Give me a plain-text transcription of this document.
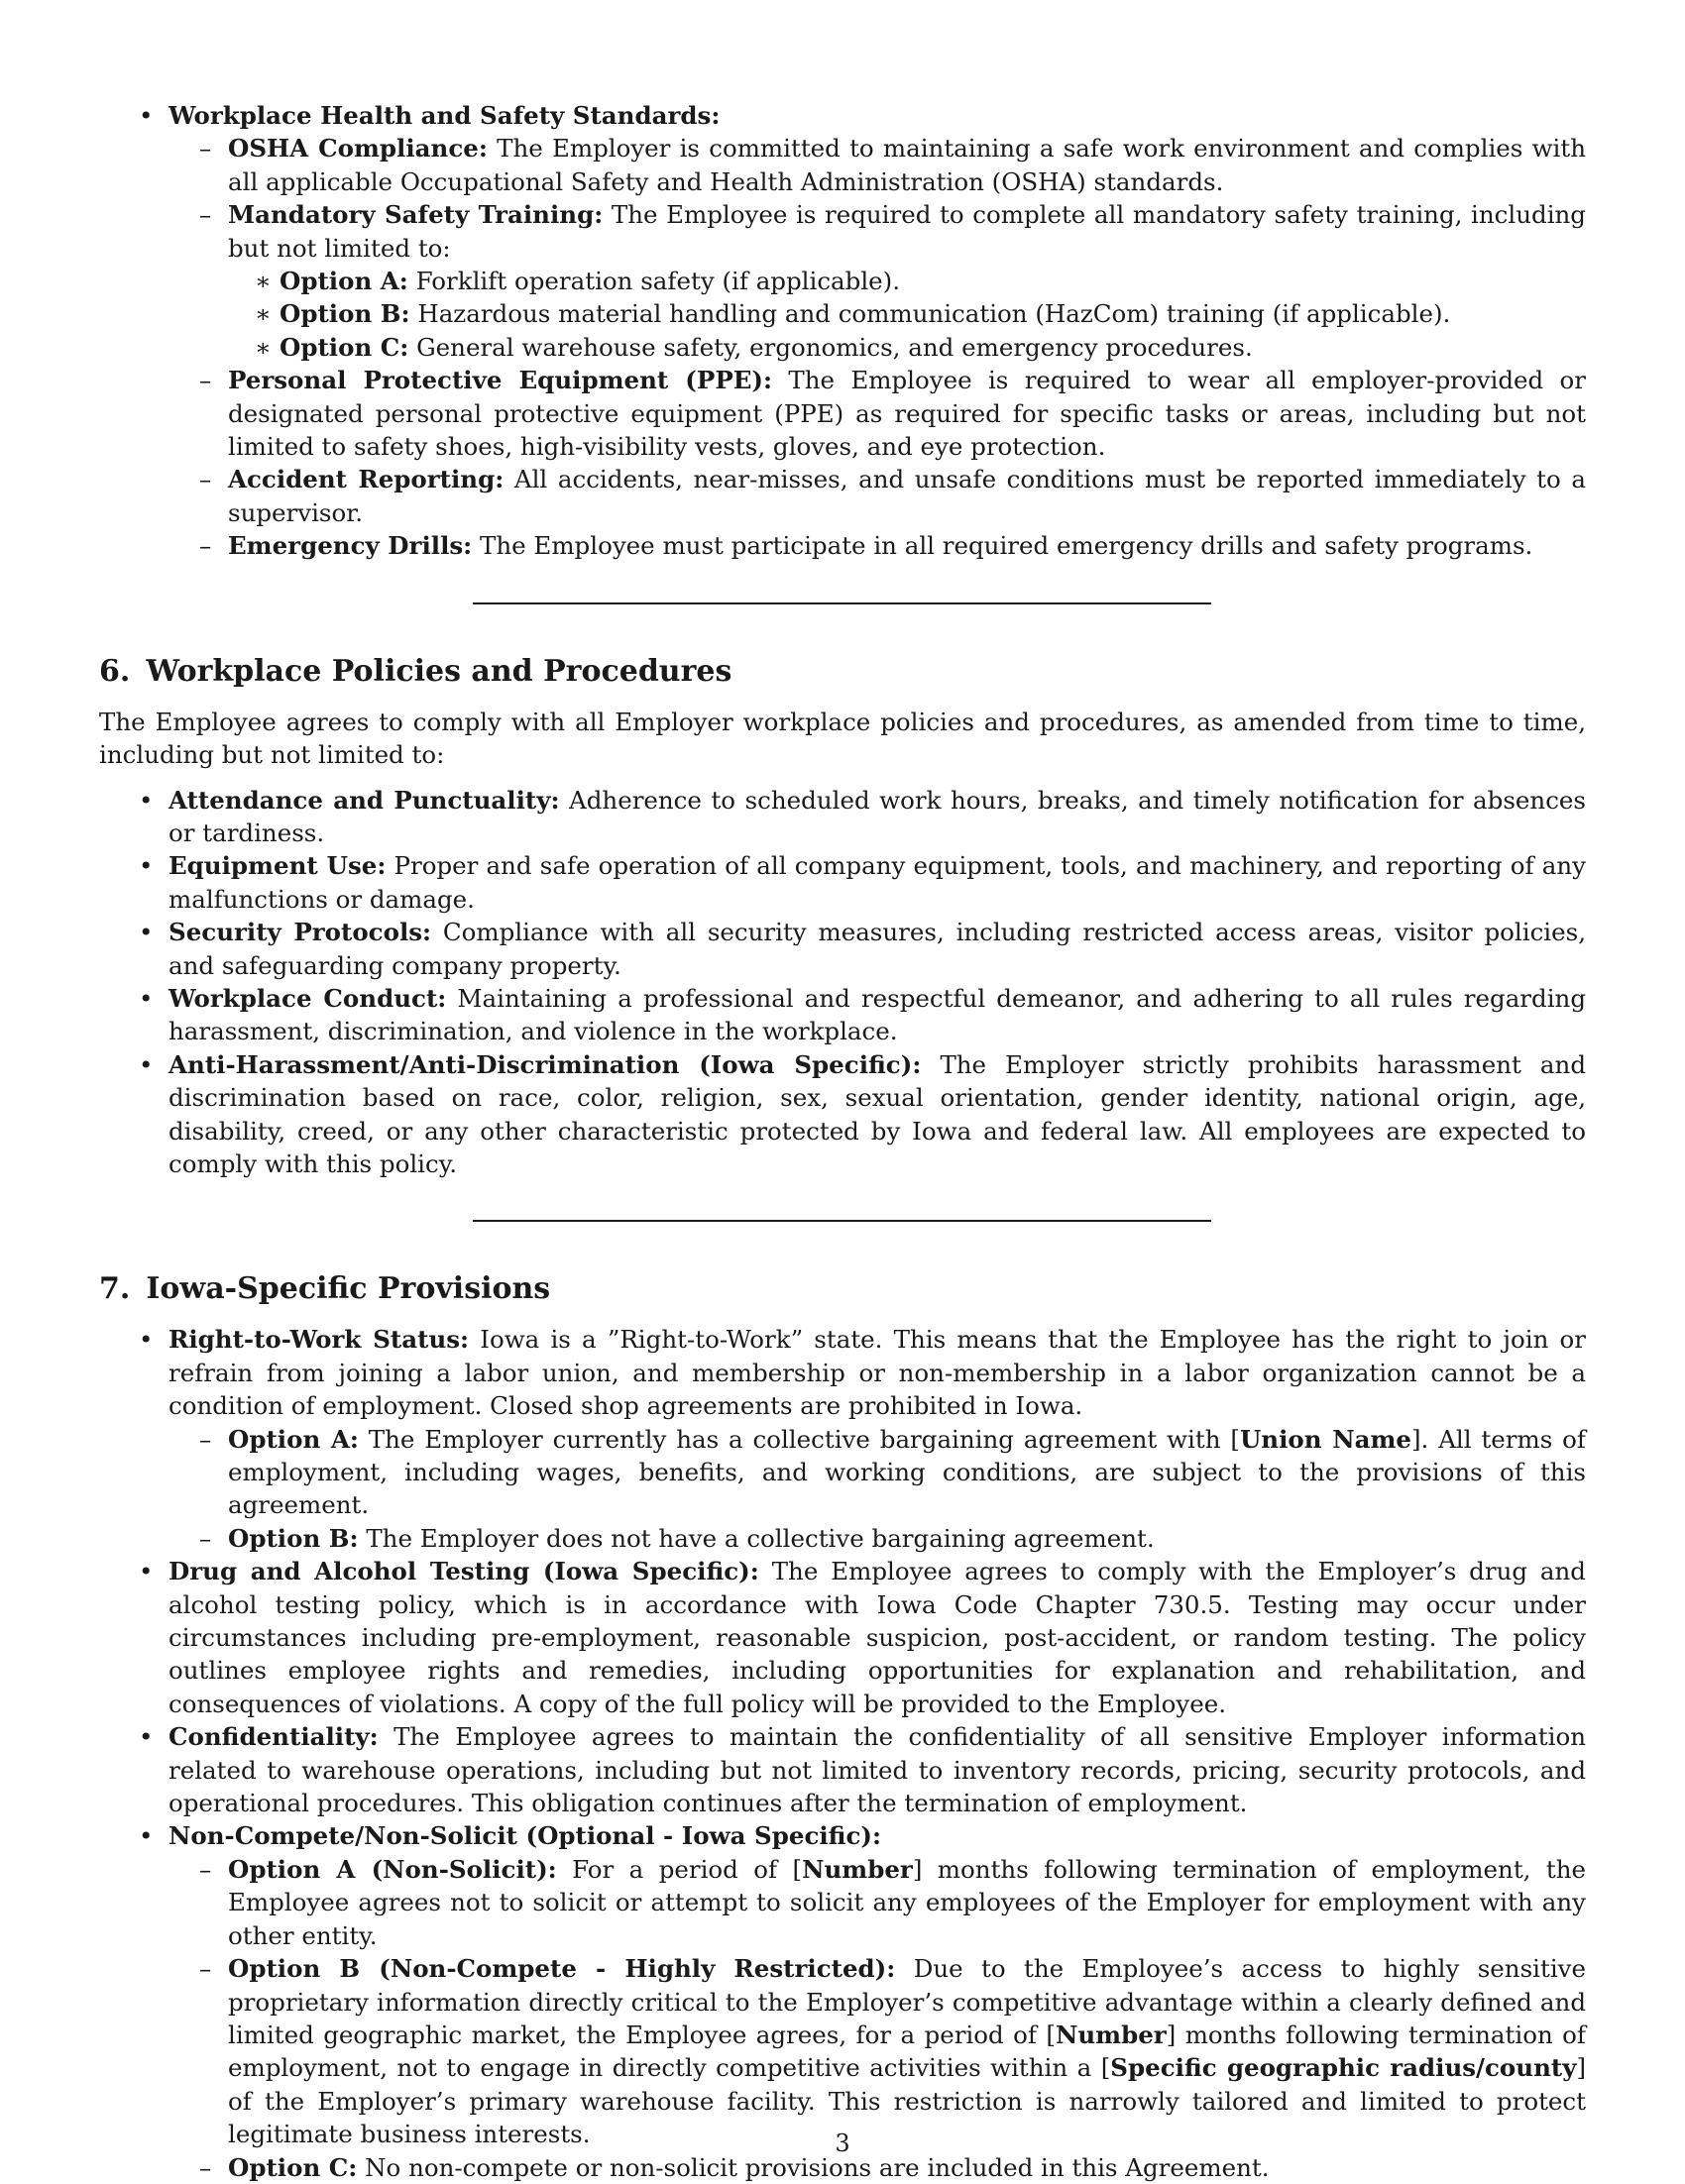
• Workplace Health and Safety Standards:
– OSHA Compliance: The Employer is committed to maintaining a safe work environment and complies with all applicable Occupational Safety and Health Administration (OSHA) standards.
– Mandatory Safety Training: The Employee is required to complete all mandatory safety training, including but not limited to:
∗ Option A: Forklift operation safety (if applicable).
∗ Option B: Hazardous material handling and communication (HazCom) training (if applicable).
∗ Option C: General warehouse safety, ergonomics, and emergency procedures.
– Personal Protective Equipment (PPE): The Employee is required to wear all employer-provided or designated personal protective equipment (PPE) as required for specific tasks or areas, including but not limited to safety shoes, high-visibility vests, gloves, and eye protection.
– Accident Reporting: All accidents, near-misses, and unsafe conditions must be reported immediately to a supervisor.
– Emergency Drills: The Employee must participate in all required emergency drills and safety programs.
6. Workplace Policies and Procedures

The Employee agrees to comply with all Employer workplace policies and procedures, as amended from time to time, including but not limited to:

• Attendance and Punctuality: Adherence to scheduled work hours, breaks, and timely notification for absences or tardiness.
• Equipment Use: Proper and safe operation of all company equipment, tools, and machinery, and reporting of any malfunctions or damage.
• Security Protocols: Compliance with all security measures, including restricted access areas, visitor policies, and safeguarding company property.
• Workplace Conduct: Maintaining a professional and respectful demeanor, and adhering to all rules regarding harassment, discrimination, and violence in the workplace.
• Anti-Harassment/Anti-Discrimination (Iowa Specific): The Employer strictly prohibits harassment and discrimination based on race, color, religion, sex, sexual orientation, gender identity, national origin, age, disability, creed, or any other characteristic protected by Iowa and federal law. All employees are expected to comply with this policy.
7. Iowa-Specific Provisions
• Right-to-Work Status: Iowa is a ”Right-to-Work” state. This means that the Employee has the right to join or refrain from joining a labor union, and membership or non-membership in a labor organization cannot be a condition of employment. Closed shop agreements are prohibited in Iowa.
– Option A: The Employer currently has a collective bargaining agreement with [Union Name]. All terms of employment, including wages, benefits, and working conditions, are subject to the provisions of this agreement.
– Option B: The Employer does not have a collective bargaining agreement.
• Drug and Alcohol Testing (Iowa Specific): The Employee agrees to comply with the Employer’s drug and alcohol testing policy, which is in accordance with Iowa Code Chapter 730.5. Testing may occur under circumstances including pre-employment, reasonable suspicion, post-accident, or random testing. The policy outlines employee rights and remedies, including opportunities for explanation and rehabilitation, and consequences of violations. A copy of the full policy will be provided to the Employee.
• Confidentiality: The Employee agrees to maintain the confidentiality of all sensitive Employer information related to warehouse operations, including but not limited to inventory records, pricing, security protocols, and operational procedures. This obligation continues after the termination of employment.
• Non-Compete/Non-Solicit (Optional - Iowa Specific):
– Option A (Non-Solicit): For a period of [Number] months following termination of employment, the Employee agrees not to solicit or attempt to solicit any employees of the Employer for employment with any other entity.
– Option B (Non-Compete - Highly Restricted): Due to the Employee’s access to highly sensitive proprietary information directly critical to the Employer’s competitive advantage within a clearly defined and limited geographic market, the Employee agrees, for a period of [Number] months following termination of employment, not to engage in directly competitive activities within a [Specific geographic radius/county] of the Employer’s primary warehouse facility. This restriction is narrowly tailored and limited to protect legitimate business interests.
– Option C: No non-compete or non-solicit provisions are included in this Agreement.
3
